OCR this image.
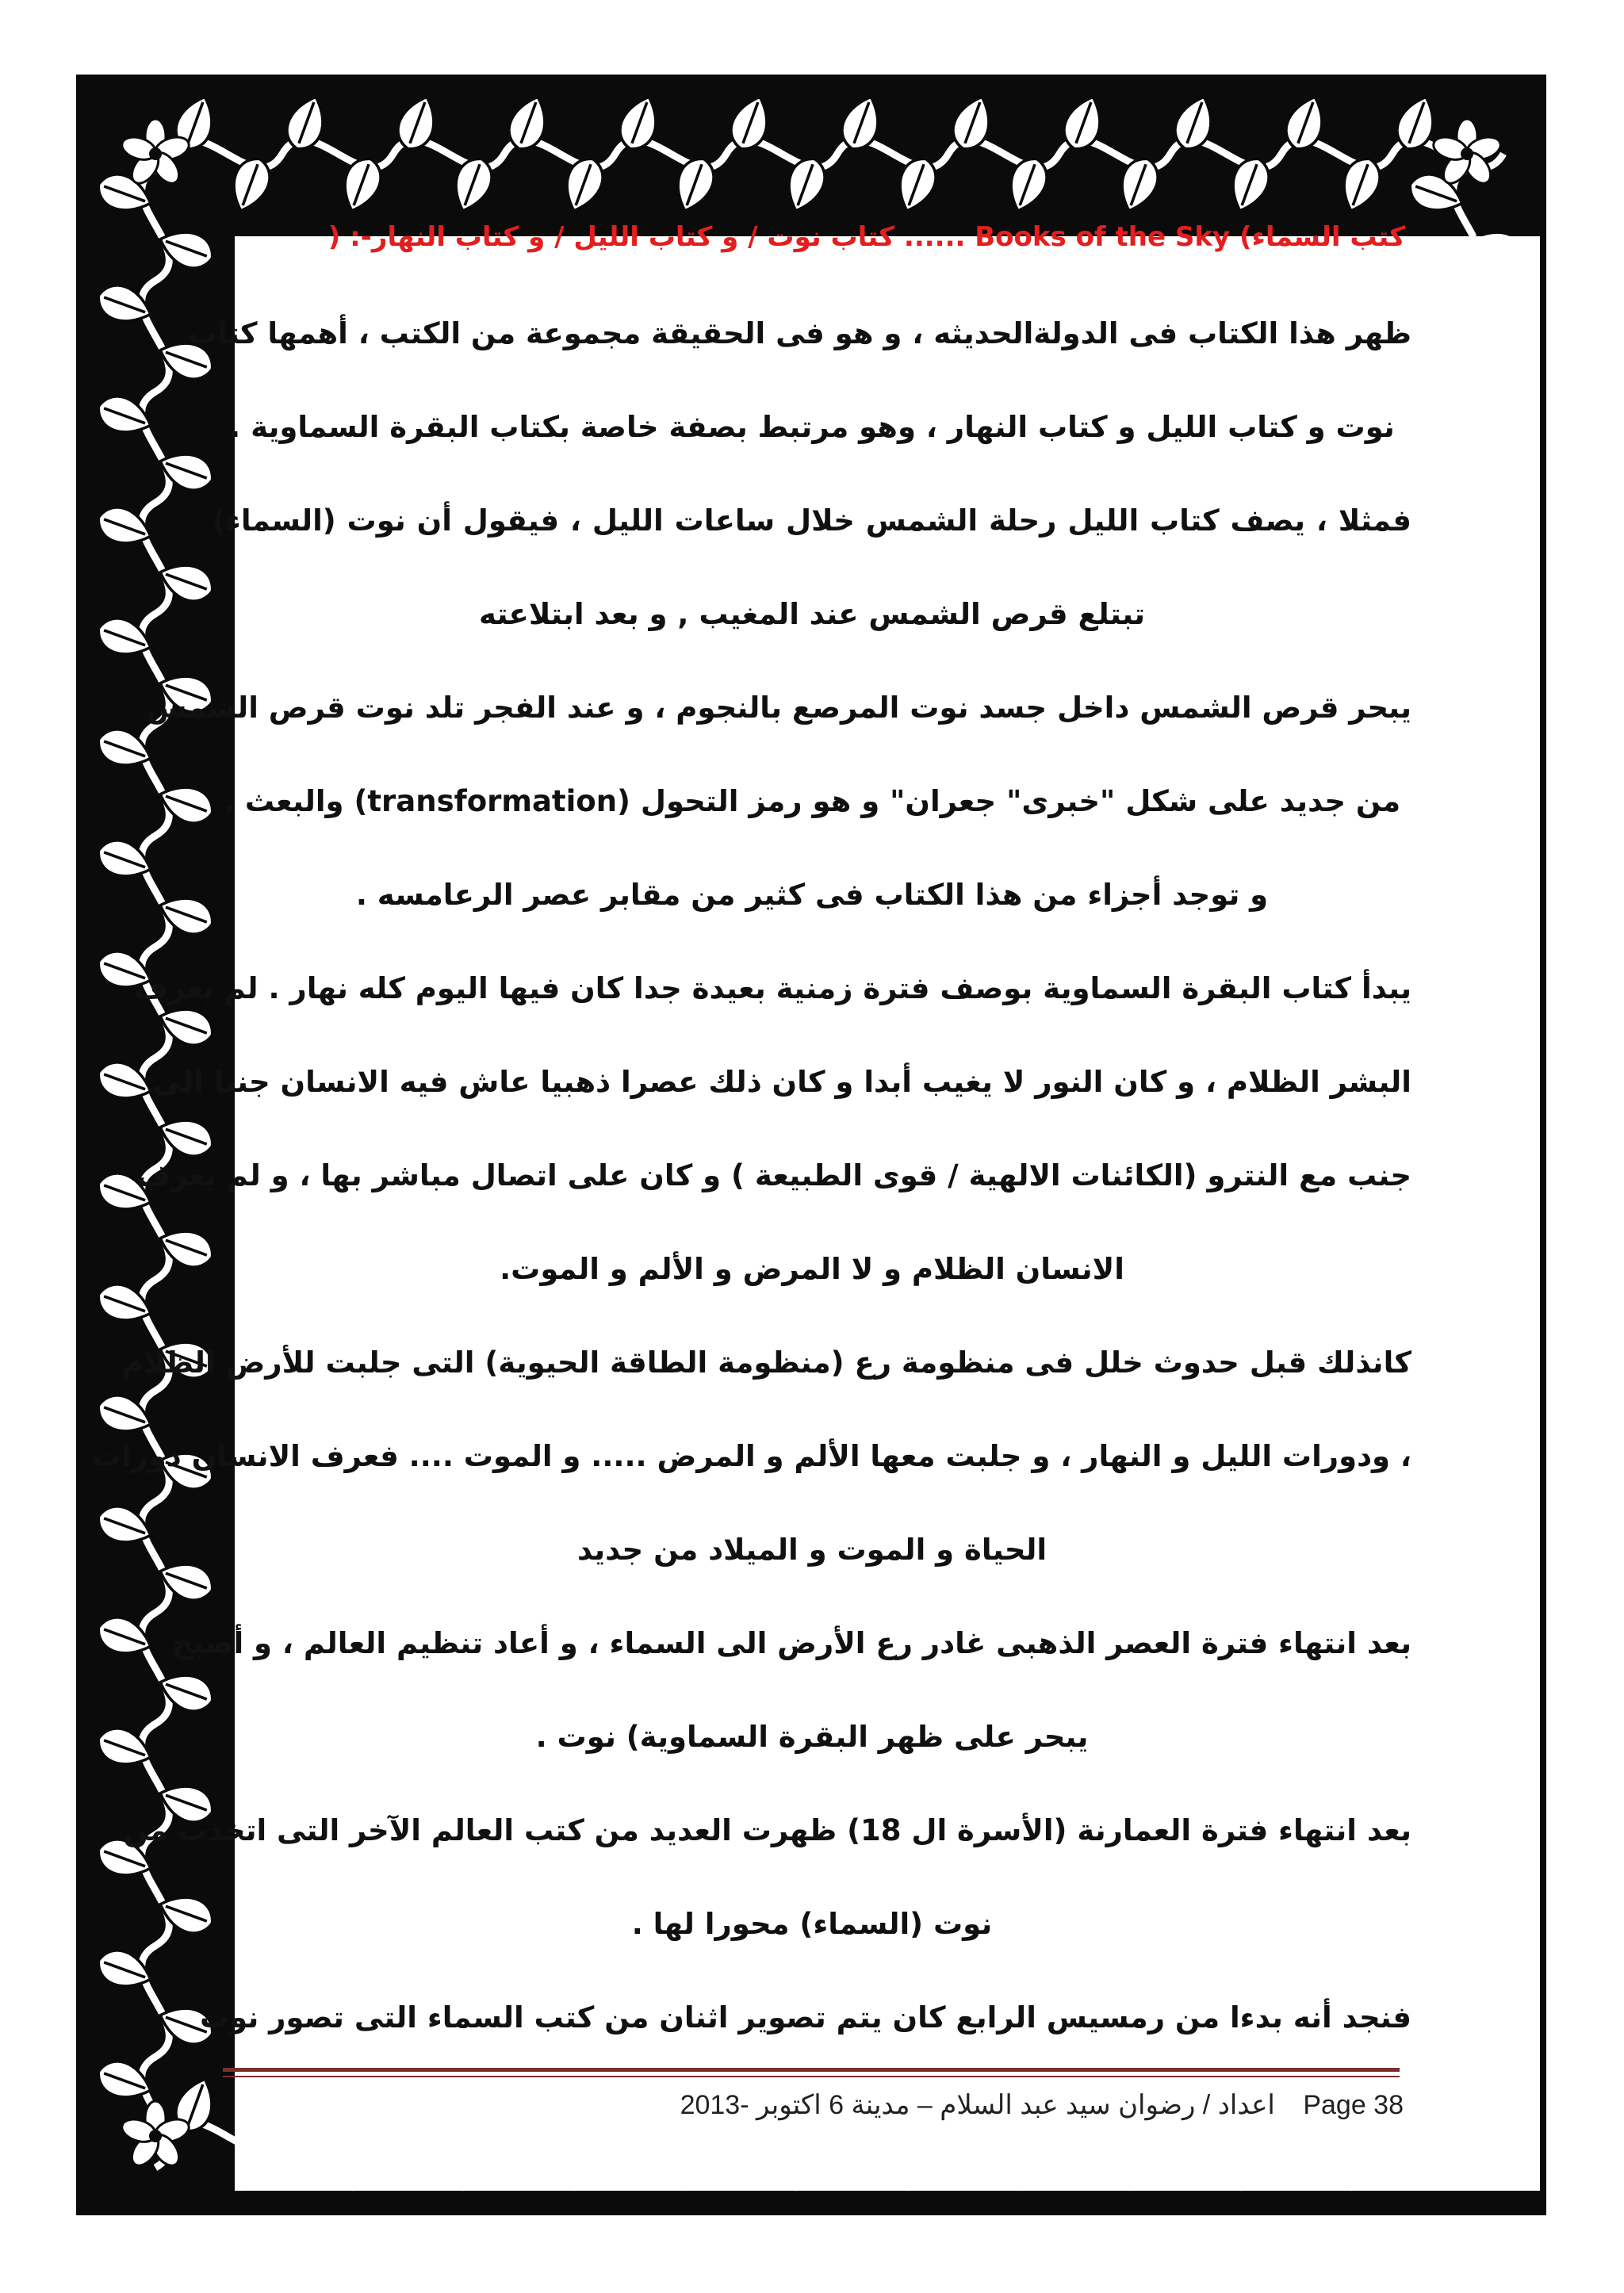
كتب السماء) Books of the Sky ...... كتاب نوت / و كتاب الليل / و كتاب النهار-: (
ظهر هذا الكتاب فى الدولةالحديثه ، و هو فى الحقيقة مجموعة من الكتب ، أهمها كتاب
نوت و كتاب الليل و كتاب النهار ، وهو مرتبط بصفة خاصة بكتاب البقرة السماوية .
فمثلا ، يصف كتاب الليل رحلة الشمس خلال ساعات الليل ، فيقول أن نوت (السماء)
تبتلع قرص الشمس عند المغيب , و بعد ابتلاعته
يبحر قرص الشمس داخل جسد نوت المرصع بالنجوم ، و عند الفجر تلد نوت قرص الشمس
من جديد على شكل "خبرى" جعران" و هو رمز التحول (transformation) والبعث .
و توجد أجزاء من هذا الكتاب فى كثير من مقابر عصر الرعامسه .
يبدأ كتاب البقرة السماوية بوصف فترة زمنية بعيدة جدا كان فيها اليوم كله نهار . لم يعرف
البشر الظلام ، و كان النور لا يغيب أبدا و كان ذلك عصرا ذهبيا عاش فيه الانسان جنبا الى
جنب مع النترو (الكائنات الالهية / قوى الطبيعة ) و كان على اتصال مباشر بها ، و لم يعرف
الانسان الظلام و لا المرض و الألم و الموت.
كانذلك قبل حدوث خلل فى منظومة رع (منظومة الطاقة الحيوية) التى جلبت للأرض الظلام
، ودورات الليل و النهار ، و جلبت معها الألم و المرض ..... و الموت .... فعرف الانسان دورات
الحياة و الموت و الميلاد من جديد
بعد انتهاء فترة العصر الذهبى غادر رع الأرض الى السماء ، و أعاد تنظيم العالم ، و أصبح
يبحر على ظهر البقرة السماوية) نوت .
بعد انتهاء فترة العمارنة (الأسرة ال 18) ظهرت العديد من كتب العالم الآخر التى اتخذت من
نوت (السماء) محورا لها .
فنجد أنه بدءا من رمسيس الرابع كان يتم تصوير اثنان من كتب السماء التى تصور نوت
Page 38 اعداد / رضوان سيد عبد السلام – مدينة 6 اكتوبر -2013
